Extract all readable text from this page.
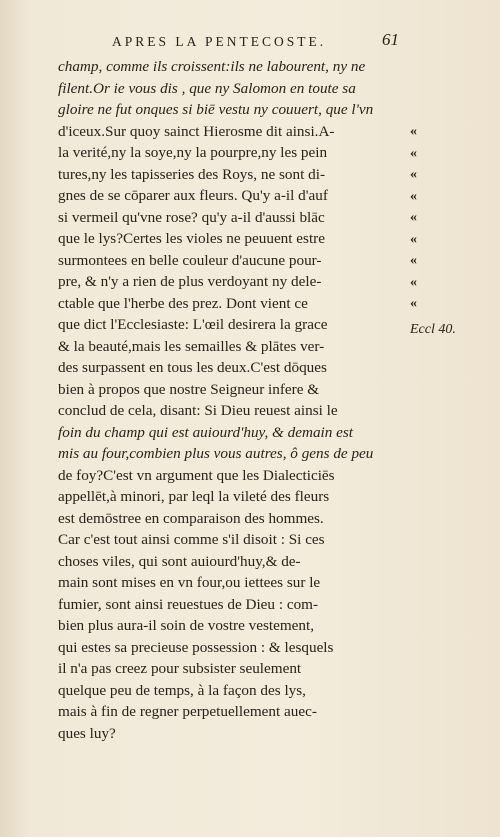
APRES LA PENTECOSTE.	61
champ, comme ils croissent:ils ne labourent, ny ne
filent.Or ie vous dis , que ny Salomon en toute sa
gloire ne fut onques si biē vestu ny couuert, que l'vn
d'iceux.Sur quoy sainct Hierosme dit ainsi.A-
la verité,ny la soye,ny la pourpre,ny les pein
tures,ny les tapisseries des Roys, ne sont di-
gnes de se cōparer aux fleurs. Qu'y a-il d'auf
si vermeil qu'vne rose? qu'y a-il d'aussi blāc
que le lys?Certes les violes ne peuuent estre
surmontees en belle couleur d'aucune pour-
pre, & n'y a rien de plus verdoyant ny dele-
ctable que l'herbe des prez. Dont vient ce
que dict l'Ecclesiaste: L'œil desirera la grace
& la beauté,mais les semailles & plātes ver-
des surpassent en tous les deux.C'est dōques
bien à propos que nostre Seigneur infere &
conclud de cela, disant: Si Dieu reuest ainsi le
foin du champ qui est auiourd'huy, & demain est
mis au four,combien plus vous autres, ô gens de peu
de foy?C'est vn argument que les Dialecticiēs
appellēt,à minori, par leql la vileté des fleurs
est demōstree en comparaison des hommes.
Car c'est tout ainsi comme s'il disoit : Si ces
choses viles, qui sont auiourd'huy,& de-
main sont mises en vn four,ou iettees sur le
fumier, sont ainsi reuestues de Dieu : com-
bien plus aura-il soin de vostre vestement,
qui estes sa precieuse possession : & lesquels
il n'a pas creez pour subsister seulement
quelque peu de temps, à la façon des lys,
mais à fin de regner perpetuellement auec-
ques luy?
«
«
«
«
«
«
«
«
«
Eccl 40.
